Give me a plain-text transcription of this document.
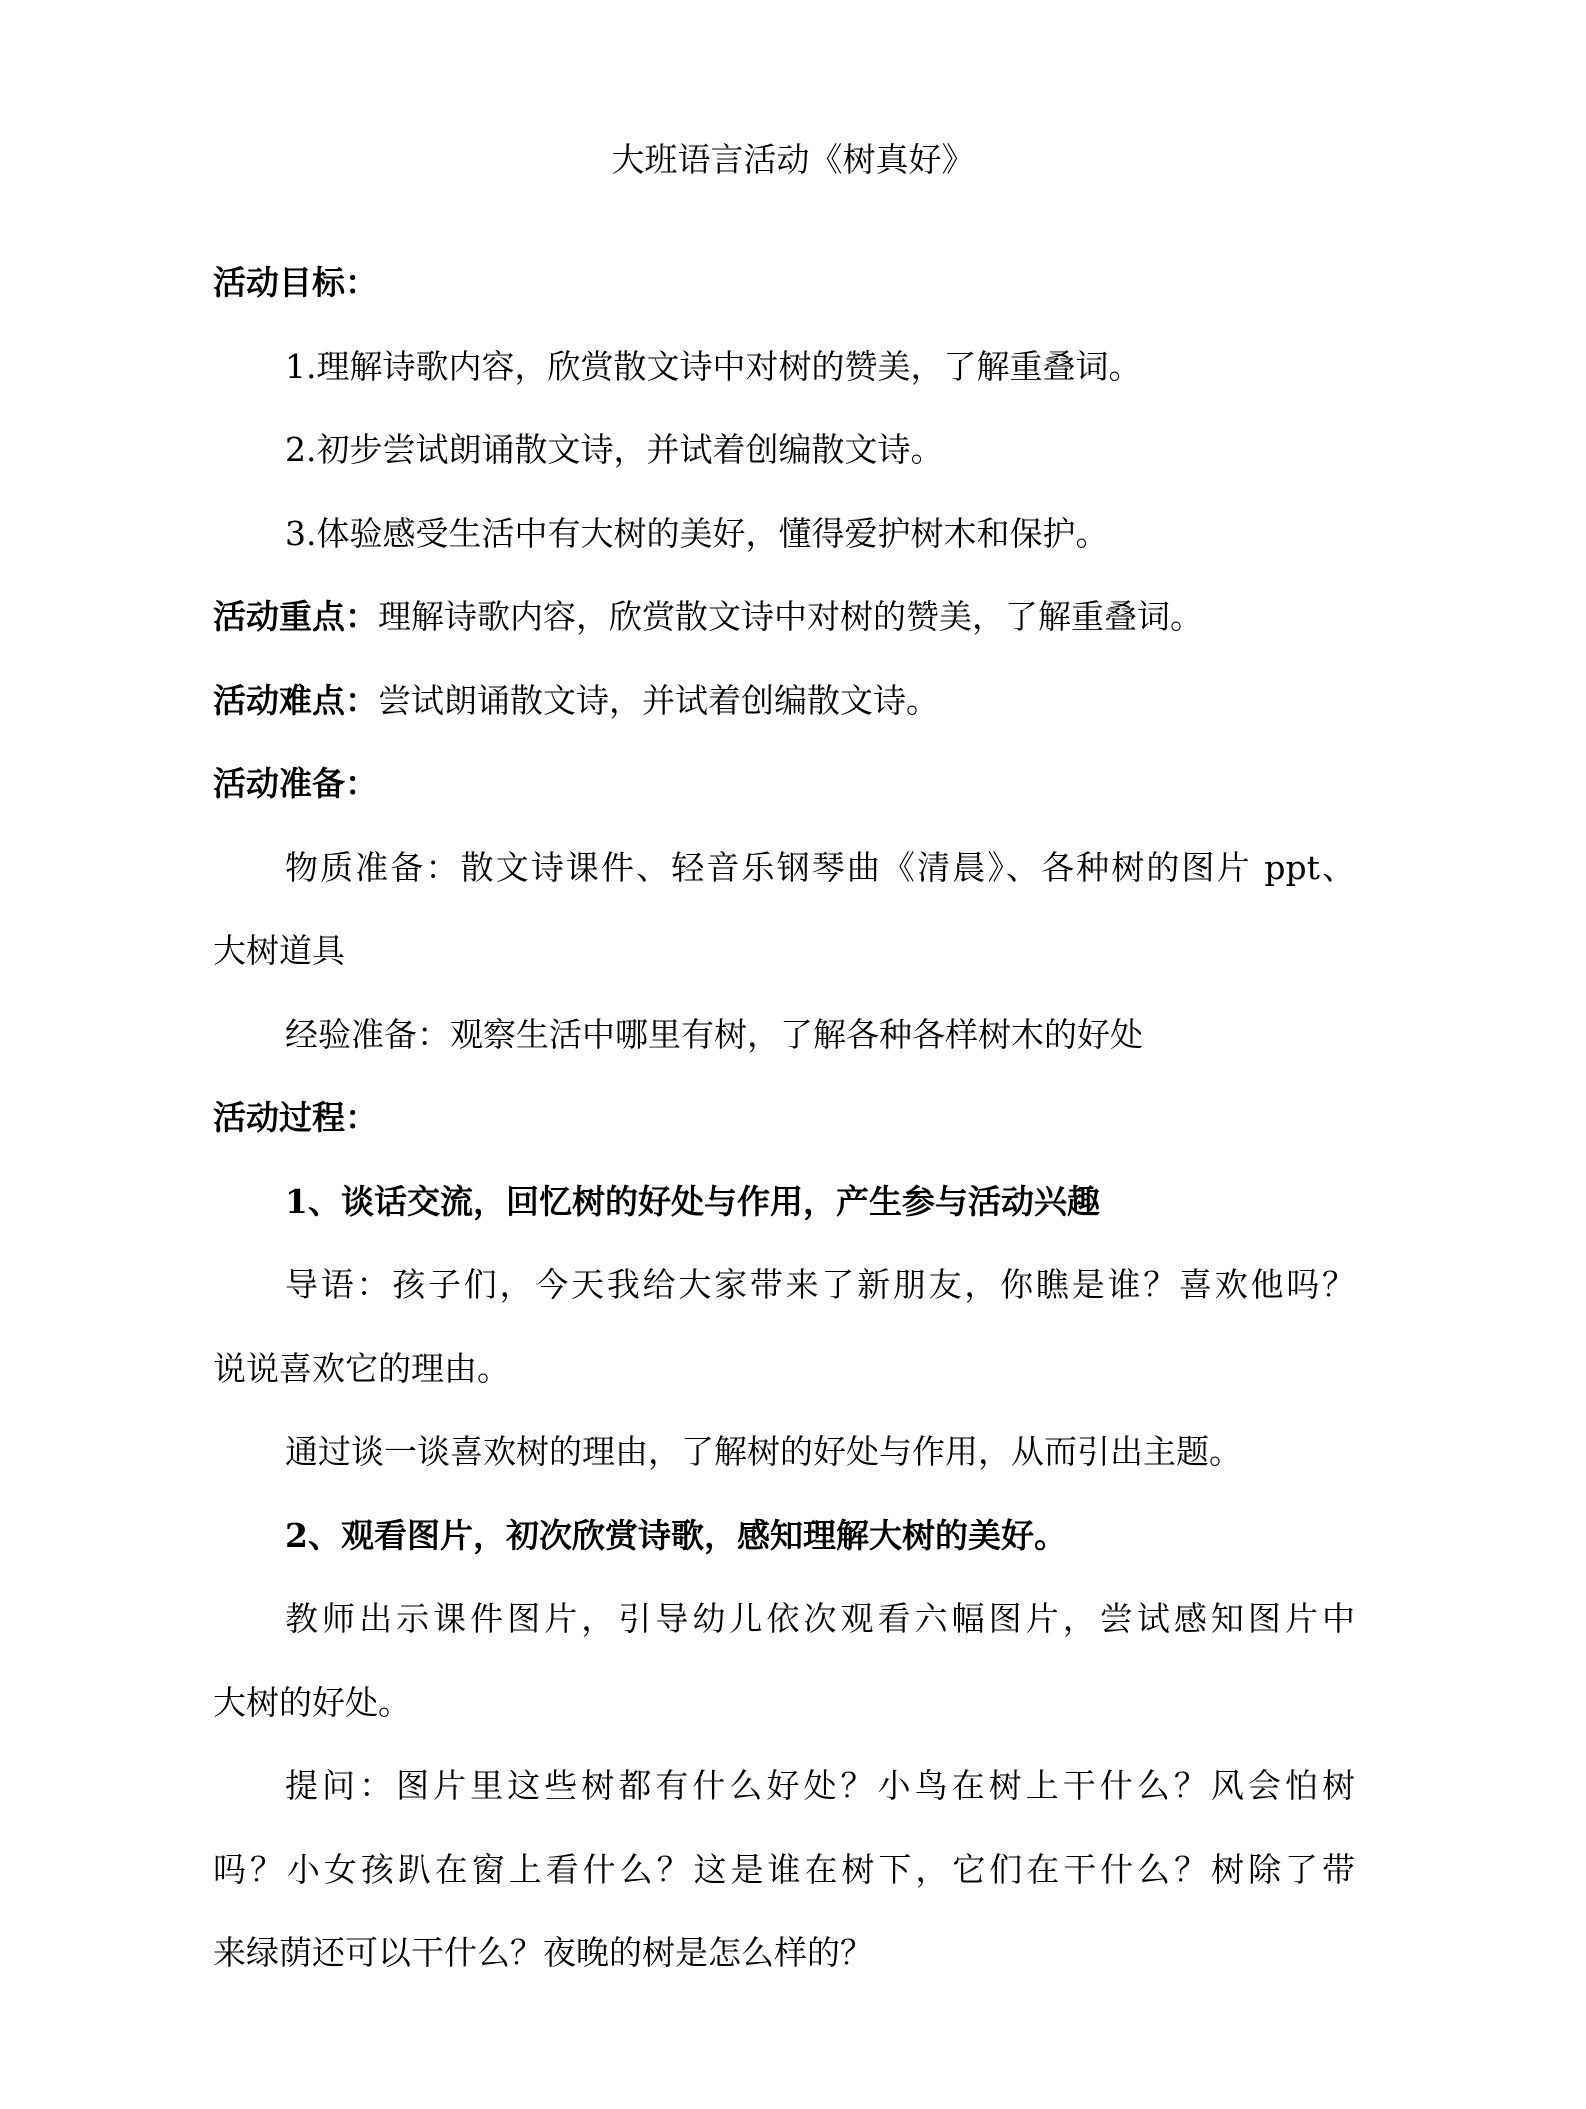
大班语言活动《树真好》
活动目标：
1.理解诗歌内容，欣赏散文诗中对树的赞美，了解重叠词。
2.初步尝试朗诵散文诗，并试着创编散文诗。
3.体验感受生活中有大树的美好，懂得爱护树木和保护。
活动重点：理解诗歌内容，欣赏散文诗中对树的赞美，了解重叠词。
活动难点：尝试朗诵散文诗，并试着创编散文诗。
活动准备：
物质准备：散文诗课件、轻音乐钢琴曲《清晨》、各种树的图片 ppt、
大树道具
经验准备：观察生活中哪里有树，了解各种各样树木的好处
活动过程：
1、谈话交流，回忆树的好处与作用，产生参与活动兴趣
导语：孩子们，今天我给大家带来了新朋友，你瞧是谁？喜欢他吗？
说说喜欢它的理由。
通过谈一谈喜欢树的理由，了解树的好处与作用，从而引出主题。
2、观看图片，初次欣赏诗歌，感知理解大树的美好。
教师出示课件图片，引导幼儿依次观看六幅图片，尝试感知图片中
大树的好处。
提问：图片里这些树都有什么好处？小鸟在树上干什么？风会怕树
吗？小女孩趴在窗上看什么？这是谁在树下，它们在干什么？树除了带
来绿荫还可以干什么？夜晚的树是怎么样的？
